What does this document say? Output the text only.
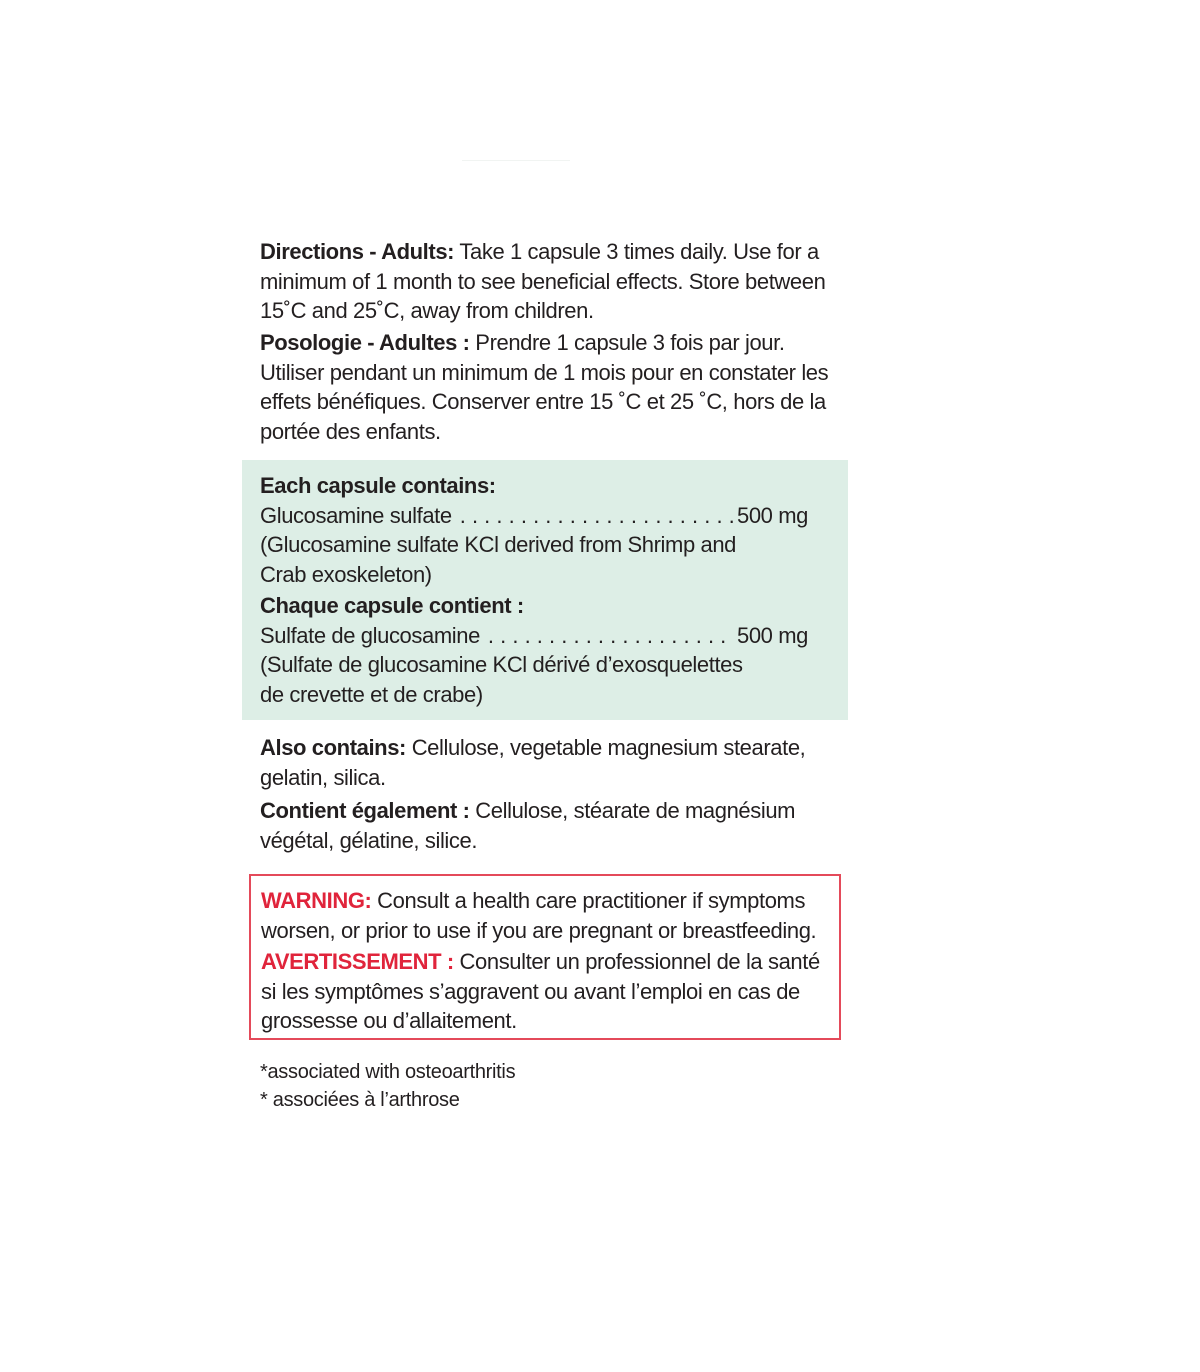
Directions - Adults: Take 1 capsule 3 times daily. Use for a minimum of 1 month to see beneficial effects. Store between 15˚C and 25˚C, away from children.

Posologie - Adultes : Prendre 1 capsule 3 fois par jour. Utiliser pendant un minimum de 1 mois pour en constater les effets bénéfiques. Conserver entre 15 ˚C et 25 ˚C, hors de la portée des enfants.

Each capsule contains:
Glucosamine sulfate . . .	500 mg
(Glucosamine sulfate KCl derived from Shrimp and
Crab exoskeleton)
Chaque capsule contient :
Sulfate de glucosamine . . .	500 mg
(Sulfate de glucosamine KCl dérivé d’exosquelettes
de crevette et de crabe)

Also contains: Cellulose, vegetable magnesium stearate, gelatin, silica.

Contient également : Cellulose, stéarate de magnésium végétal, gélatine, silice.

WARNING: Consult a health care practitioner if symptoms worsen, or prior to use if you are pregnant or breastfeeding.
AVERTISSEMENT : Consulter un professionnel de la santé si les symptômes s’aggravent ou avant l’emploi en cas de grossesse ou d’allaitement.

*associated with osteoarthritis

* associées à l’arthrose
